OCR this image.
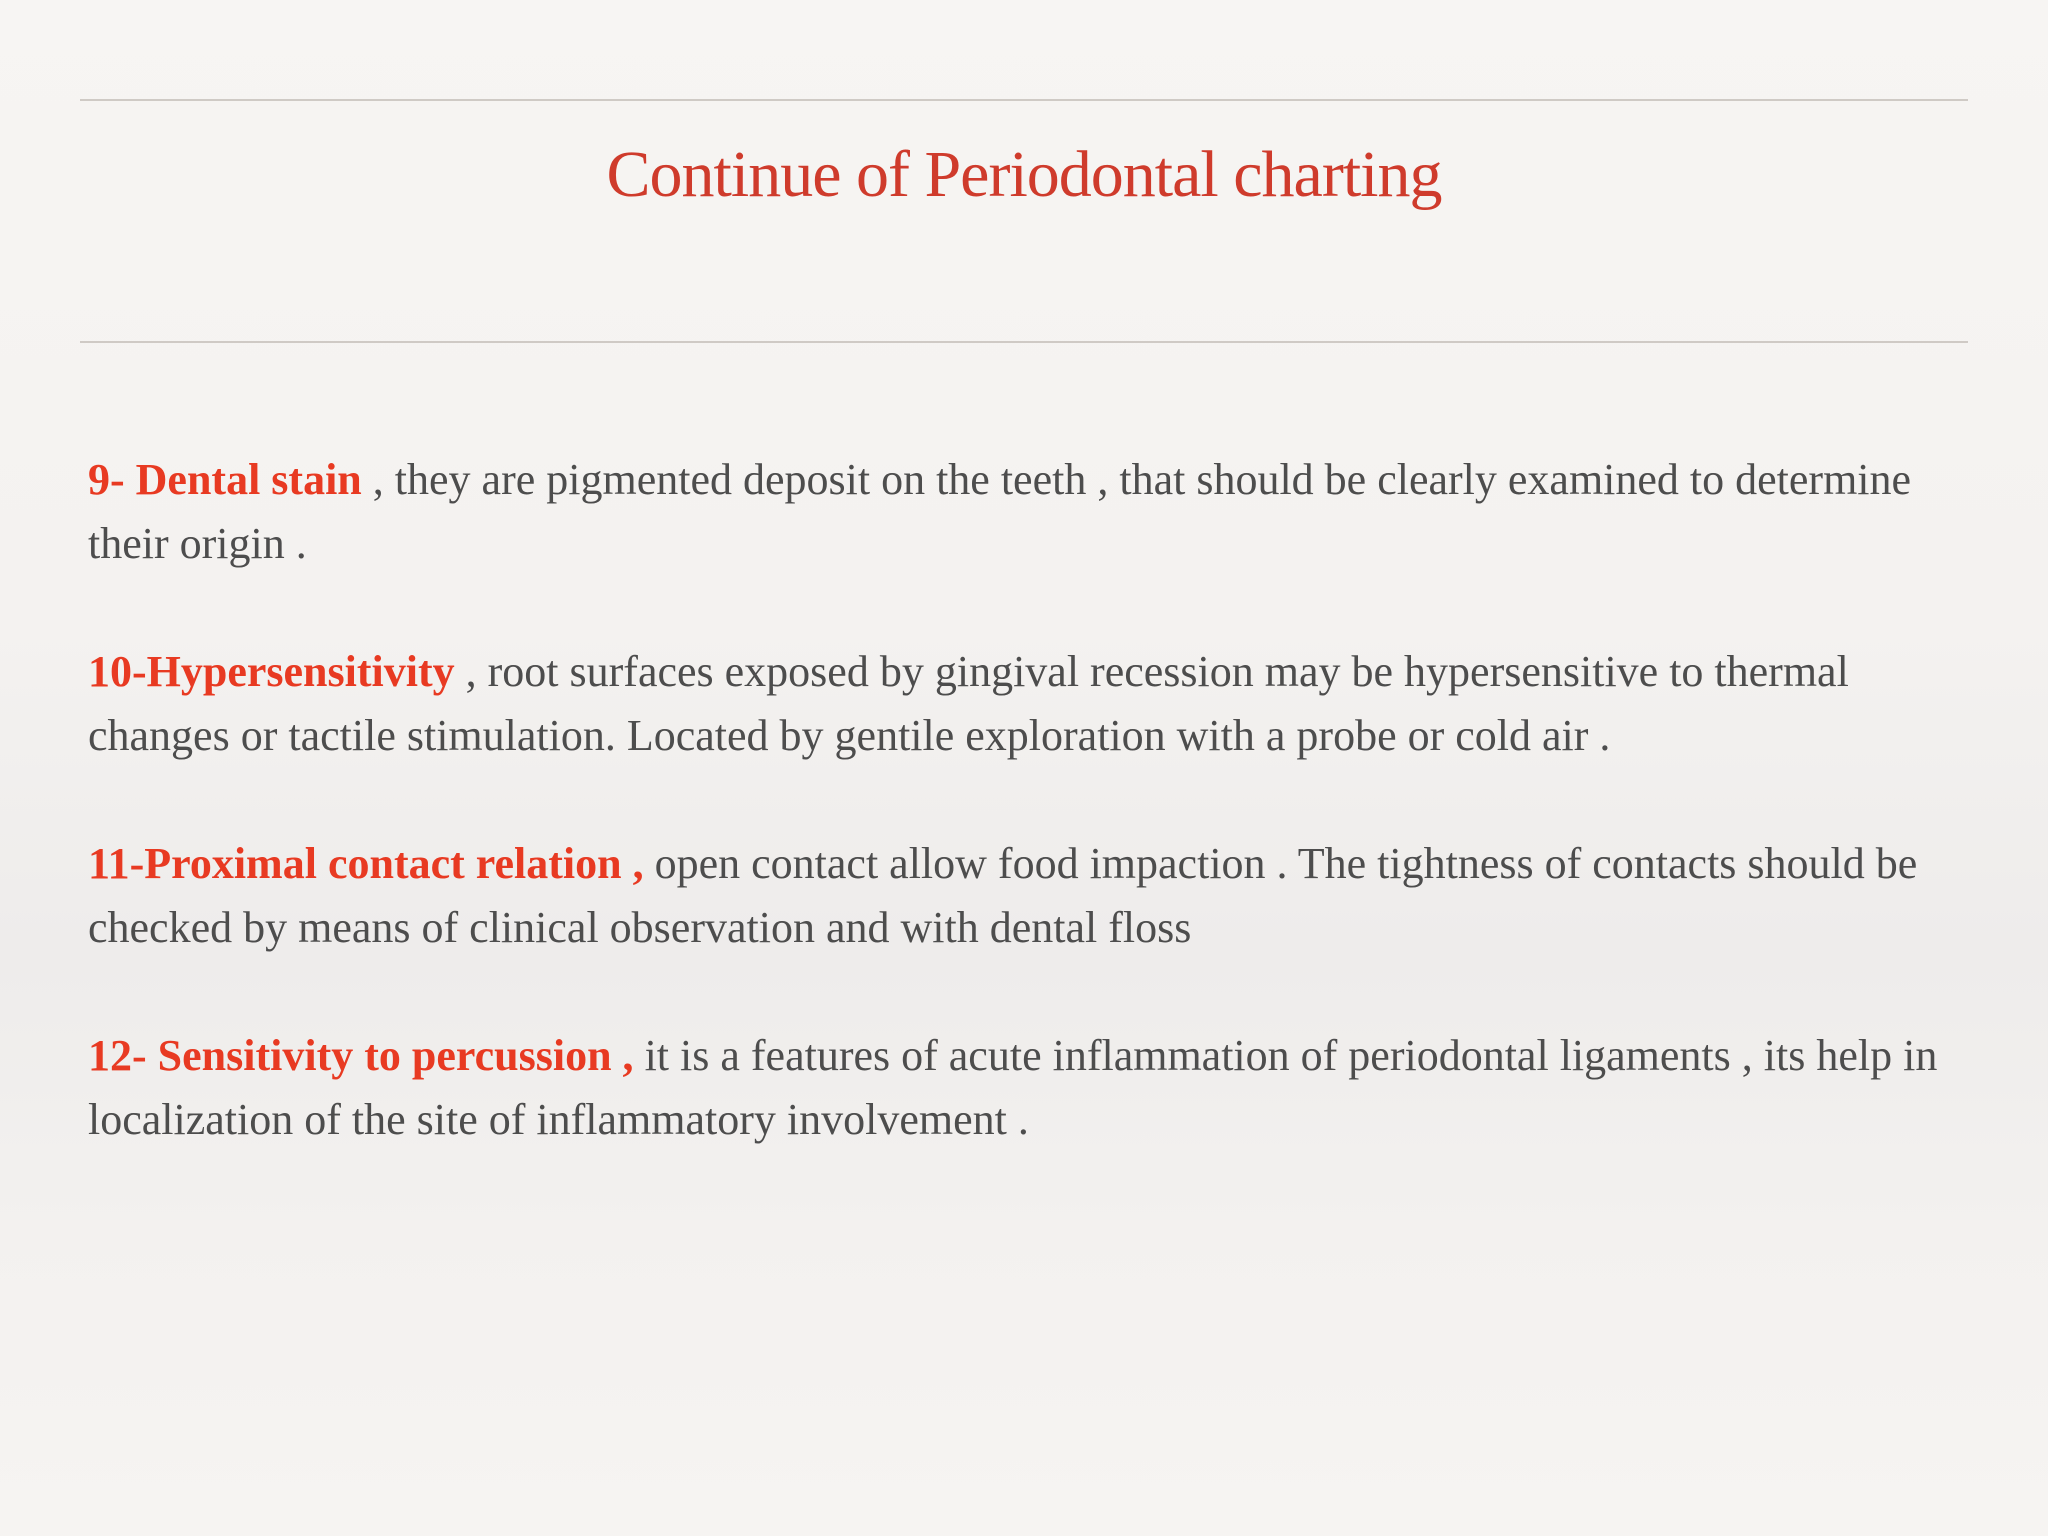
Continue of Periodontal charting

9- Dental stain , they are pigmented deposit on the teeth , that should be clearly examined to determine their origin .

10-Hypersensitivity , root surfaces exposed by gingival recession may be hypersensitive to thermal changes or tactile stimulation. Located by gentile exploration with a probe or cold air .

11-Proximal contact relation , open contact allow food impaction . The tightness of contacts should be checked by means of clinical observation and with dental floss

12- Sensitivity to percussion , it is a features of acute inflammation of periodontal ligaments , its help in localization of the site of inflammatory involvement .
